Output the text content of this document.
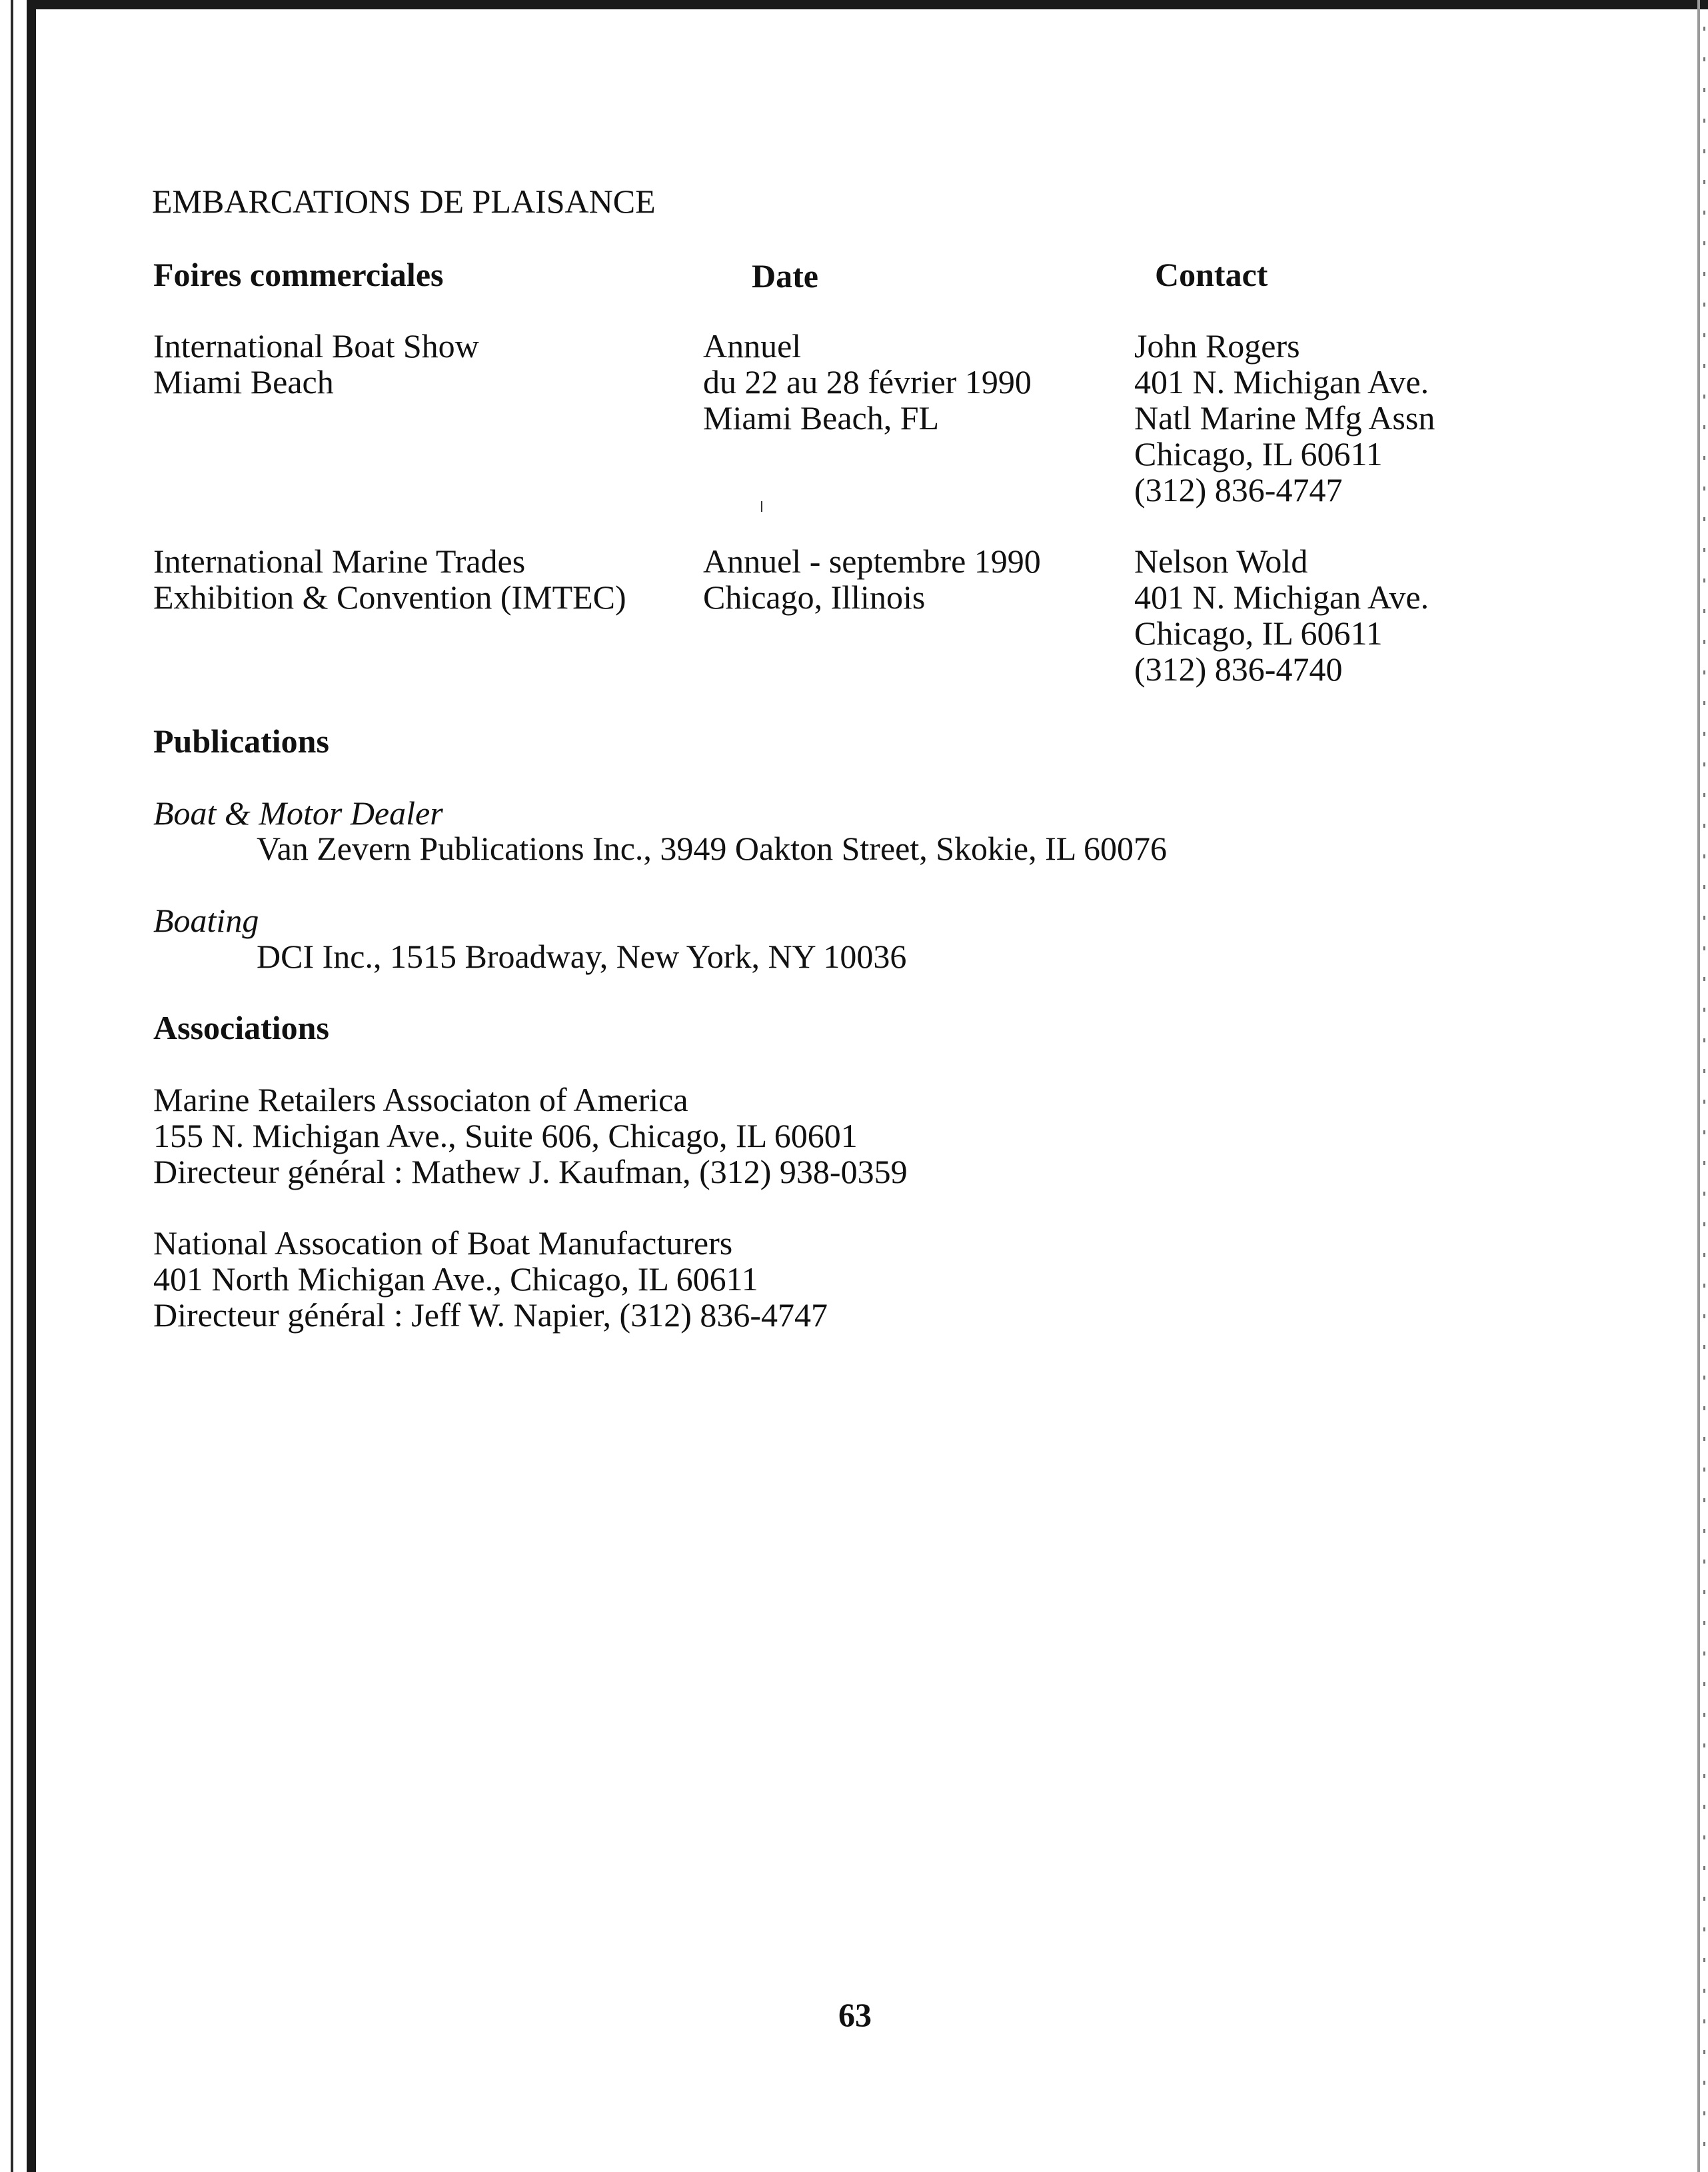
EMBARCATIONS DE PLAISANCE
Foires commerciales	Date	Contact
International Boat Show
Miami Beach
Annuel
du 22 au 28 février 1990
Miami Beach, FL
John Rogers
401 N. Michigan Ave.
Natl Marine Mfg Assn
Chicago, IL 60611
(312) 836-4747
International Marine Trades
Exhibition & Convention (IMTEC)
Annuel - septembre 1990
Chicago, Illinois
Nelson Wold
401 N. Michigan Ave.
Chicago, IL 60611
(312) 836-4740
Publications
Boat & Motor Dealer
Van Zevern Publications Inc., 3949 Oakton Street, Skokie, IL 60076
Boating
DCI Inc., 1515 Broadway, New York, NY 10036
Associations
Marine Retailers Associaton of America
155 N. Michigan Ave., Suite 606, Chicago, IL 60601
Directeur général : Mathew J. Kaufman, (312) 938-0359
National Assocation of Boat Manufacturers
401 North Michigan Ave., Chicago, IL 60611
Directeur général : Jeff W. Napier, (312) 836-4747
63
